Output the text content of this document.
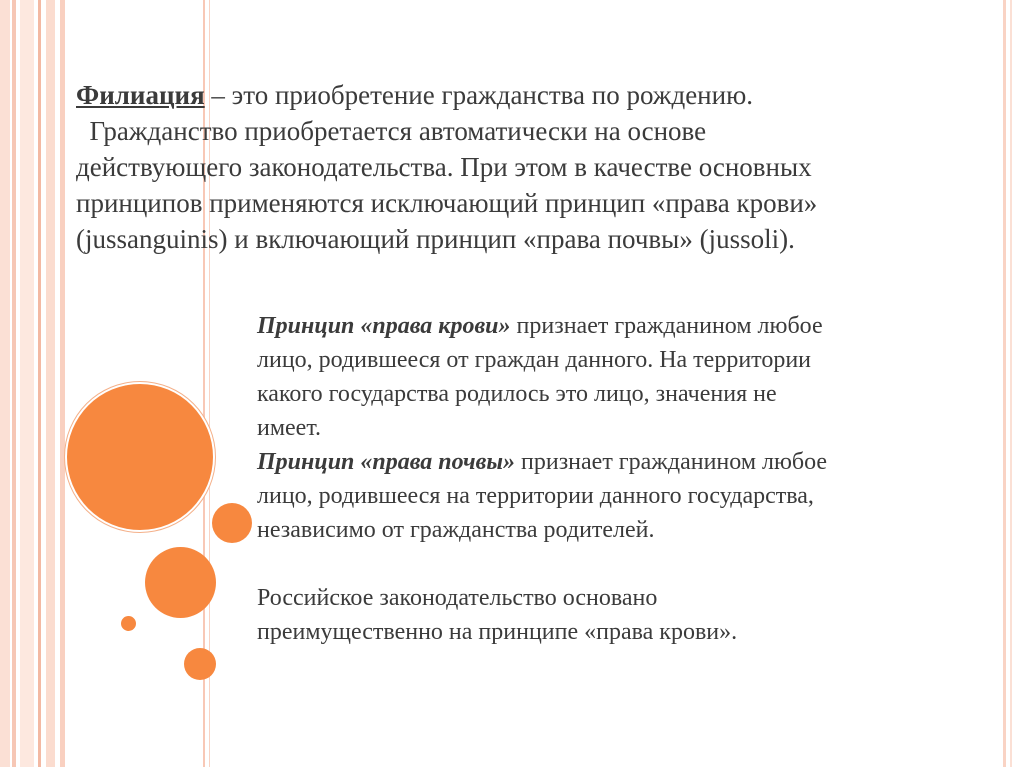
Филиация – это приобретение гражданства по рождению.
Гражданство приобретается автоматически на основе
действующего законодательства. При этом в качестве основных
принципов применяются исключающий принцип «права крови»
(jussanguinis) и включающий принцип «права почвы» (jussoli).

Принцип «права крови» признает гражданином любое

лицо, родившееся от граждан данного. На территории

какого государства родилось это лицо, значения не

имеет.

Принцип «права почвы» признает гражданином любое

лицо, родившееся на территории данного государства,

независимо от гражданства родителей.

Российское законодательство основано

преимущественно на принципе «права крови».
